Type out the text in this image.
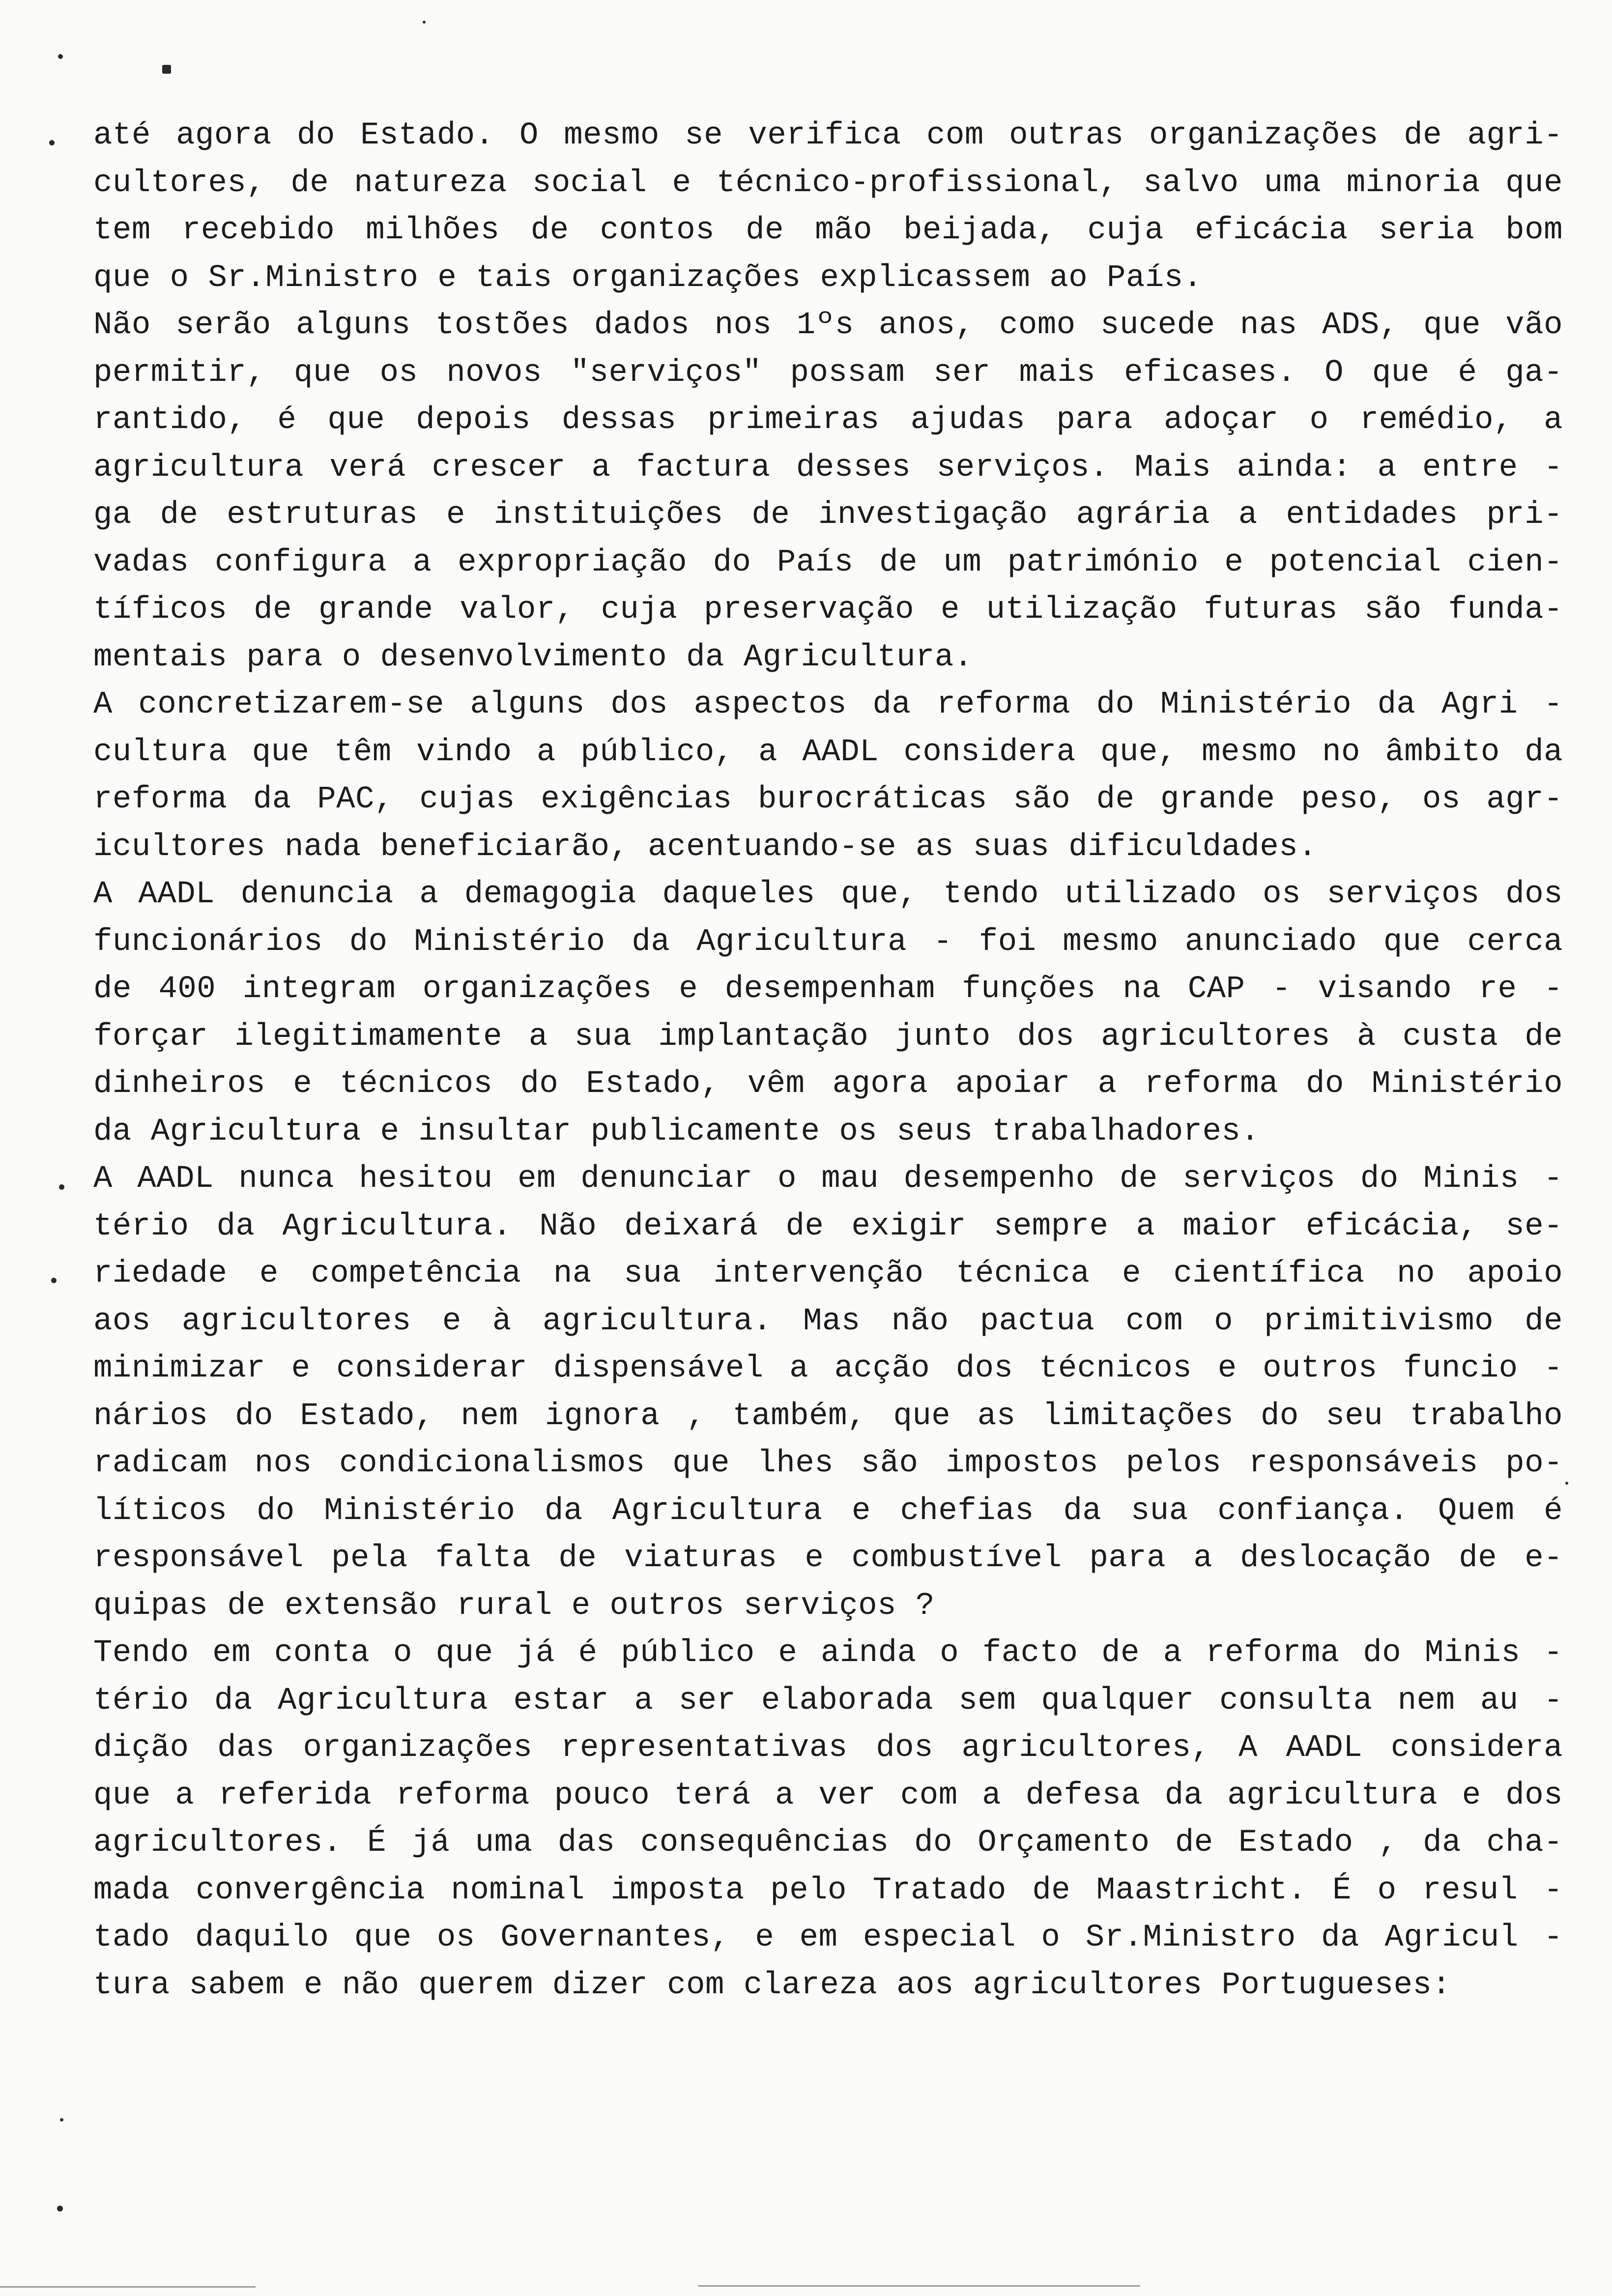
até agora do Estado. O mesmo se verifica com outras organizações de agri-
cultores, de natureza social e técnico-profissional, salvo uma minoria que
tem recebido milhões de contos de mão beijada, cuja eficácia seria bom
que o Sr.Ministro e tais organizações explicassem ao País.
Não serão alguns tostões dados nos 1ºs anos, como sucede nas ADS, que vão
permitir, que os novos "serviços" possam ser mais eficases. O que é ga-
rantido, é que depois dessas primeiras ajudas para adoçar o remédio, a
agricultura verá crescer a factura desses serviços. Mais ainda: a entre -
ga de estruturas e instituições de investigação agrária a entidades pri-
vadas configura a expropriação do País de um património e potencial cien-
tíficos de grande valor, cuja preservação e utilização futuras são funda-
mentais para o desenvolvimento da Agricultura.
A concretizarem-se alguns dos aspectos da reforma do Ministério da Agri -
cultura que têm vindo a público, a AADL considera que, mesmo no âmbito da
reforma da PAC, cujas exigências burocráticas são de grande peso, os agr-
icultores nada beneficiarão, acentuando-se as suas dificuldades.
A AADL denuncia a demagogia daqueles que, tendo utilizado os serviços dos
funcionários do Ministério da Agricultura - foi mesmo anunciado que cerca
de 400 integram organizações e desempenham funções na CAP - visando re -
forçar ilegitimamente a sua implantação junto dos agricultores à custa de
dinheiros e técnicos do Estado, vêm agora apoiar a reforma do Ministério
da Agricultura e insultar publicamente os seus trabalhadores.
A AADL nunca hesitou em denunciar o mau desempenho de serviços do Minis -
tério da Agricultura. Não deixará de exigir sempre a maior eficácia, se-
riedade e competência na sua intervenção técnica e científica no apoio
aos agricultores e à agricultura. Mas não pactua com o primitivismo de
minimizar e considerar dispensável a acção dos técnicos e outros funcio -
nários do Estado, nem ignora , também, que as limitações do seu trabalho
radicam nos condicionalismos que lhes são impostos pelos responsáveis po-
líticos do Ministério da Agricultura e chefias da sua confiança. Quem é
responsável pela falta de viaturas e combustível para a deslocação de e-
quipas de extensão rural e outros serviços ?
Tendo em conta o que já é público e ainda o facto de a reforma do Minis -
tério da Agricultura estar a ser elaborada sem qualquer consulta nem au -
dição das organizações representativas dos agricultores, A AADL considera
que a referida reforma pouco terá a ver com a defesa da agricultura e dos
agricultores. É já uma das consequências do Orçamento de Estado , da cha-
mada convergência nominal imposta pelo Tratado de Maastricht. É o resul -
tado daquilo que os Governantes, e em especial o Sr.Ministro da Agricul -
tura sabem e não querem dizer com clareza aos agricultores Portugueses:
